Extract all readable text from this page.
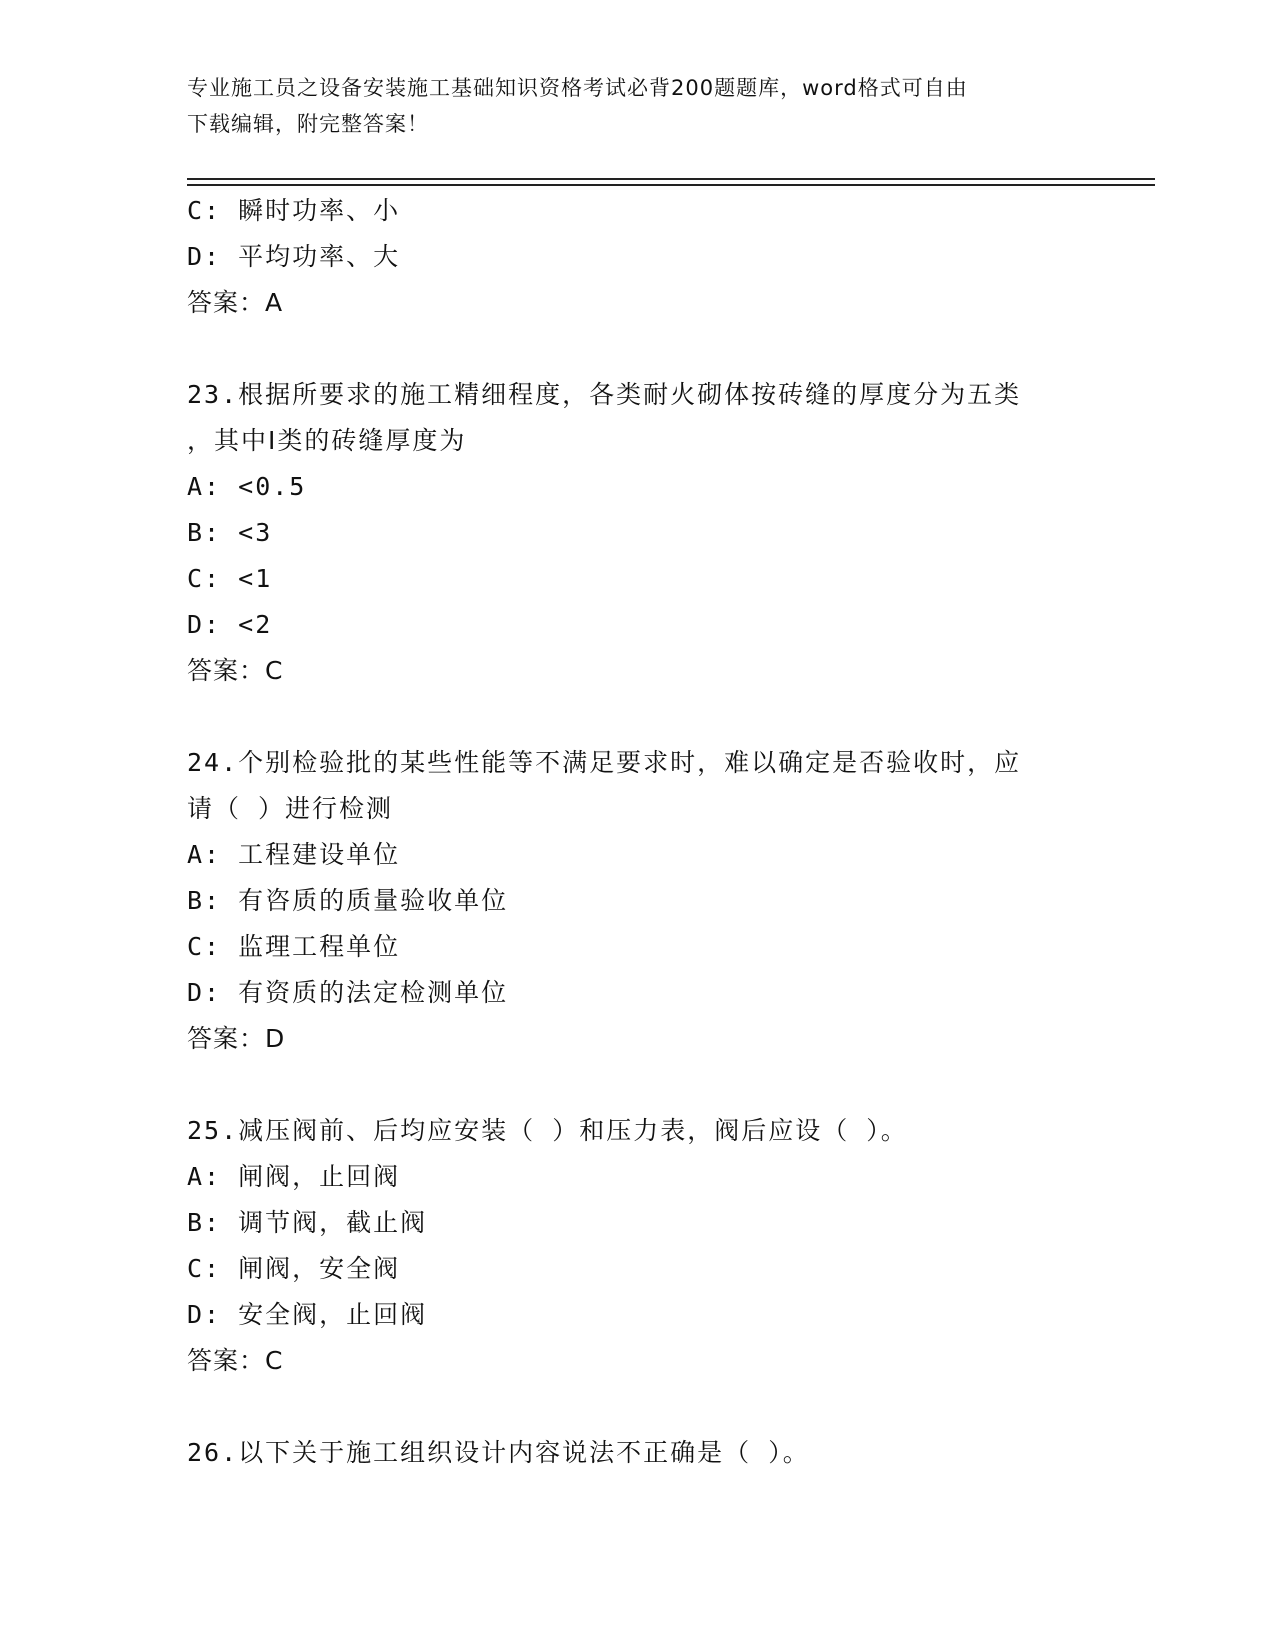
专业施工员之设备安装施工基础知识资格考试必背200题题库，word格式可自由
下载编辑，附完整答案！
C: 瞬时功率、小
D: 平均功率、大
答案：A
23.根据所要求的施工精细程度，各类耐火砌体按砖缝的厚度分为五类
，其中Ⅰ类的砖缝厚度为
A: <0.5
B: <3
C: <1
D: <2
答案：C
24.个别检验批的某些性能等不满足要求时，难以确定是否验收时，应
请（ ）进行检测
A: 工程建设单位
B: 有咨质的质量验收单位
C: 监理工程单位
D: 有资质的法定检测单位
答案：D
25.减压阀前、后均应安装（ ）和压力表，阀后应设（ ）。
A: 闸阀，止回阀
B: 调节阀，截止阀
C: 闸阀，安全阀
D: 安全阀，止回阀
答案：C
26.以下关于施工组织设计内容说法不正确是（ ）。
